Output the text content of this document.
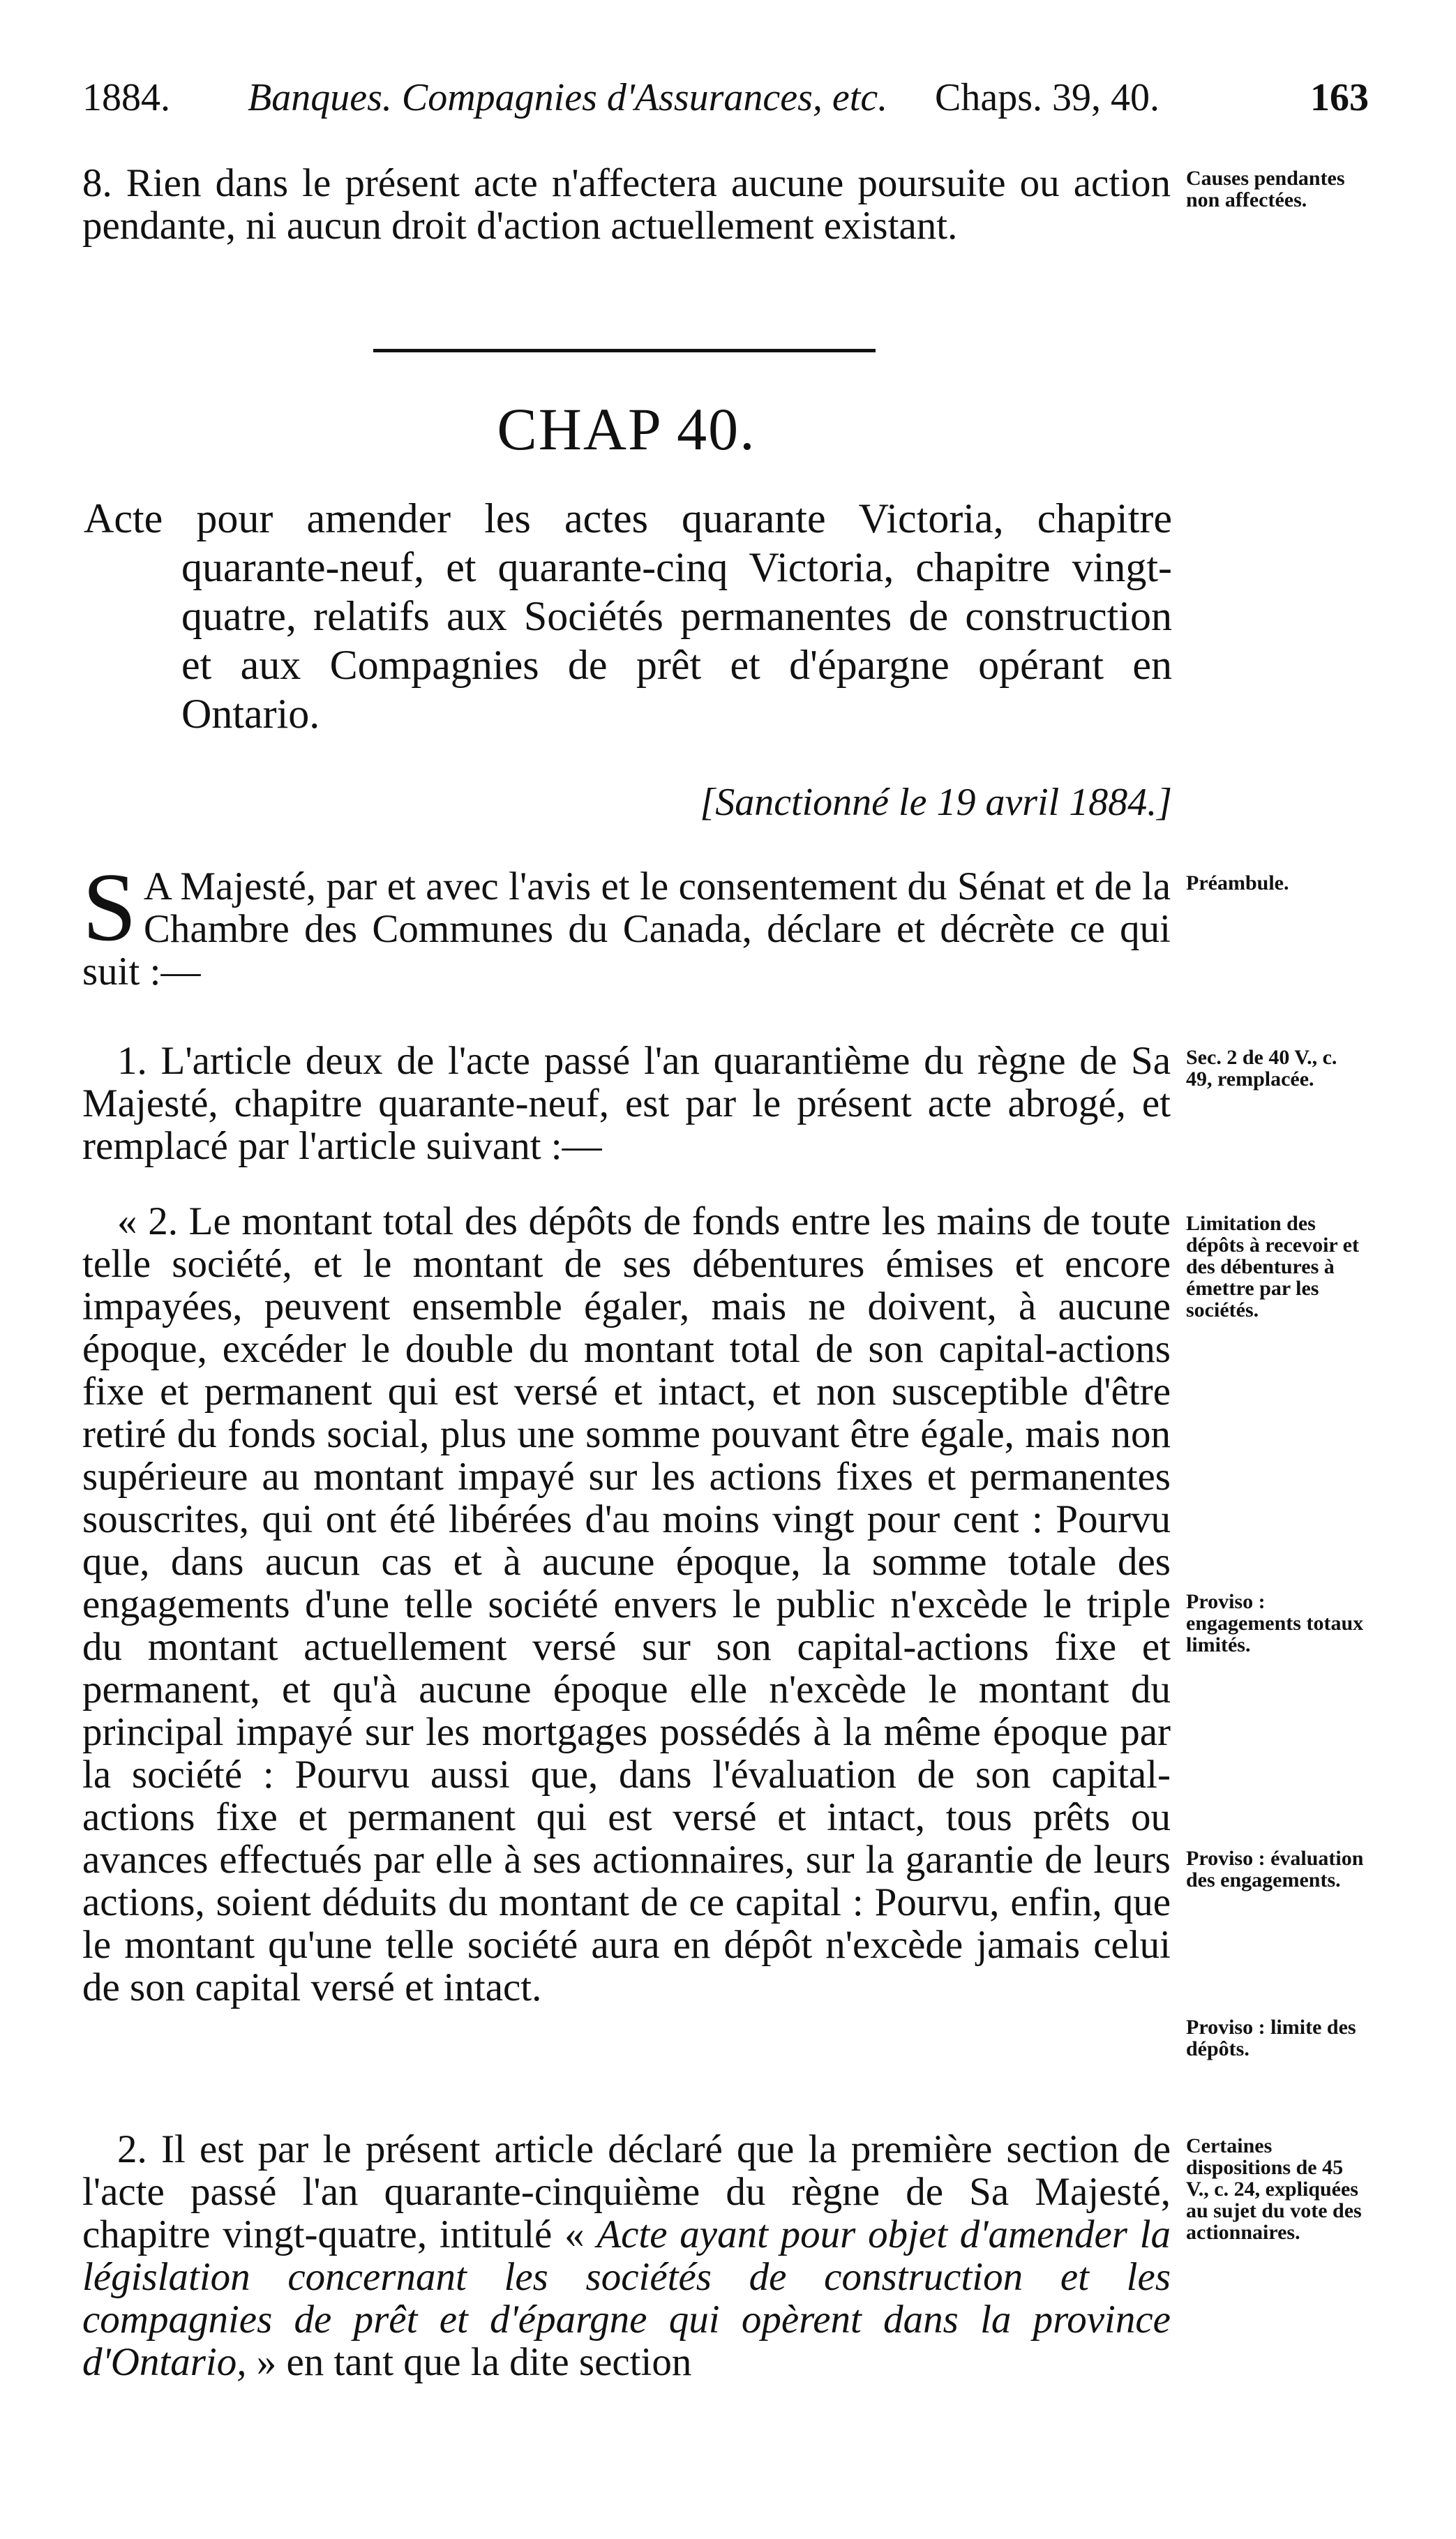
1884. Banques. Compagnies d'Assurances, etc. Chaps. 39, 40.	163

8. Rien dans le présent acte n'affectera aucune poursuite ou action pendante, ni aucun droit d'action actuellement existant.

Causes pendantes non affectées.
CHAP 40.
Acte pour amender les actes quarante Victoria, chapitre quarante-neuf, et quarante-cinq Victoria, chapitre vingt-quatre, relatifs aux Sociétés permanentes de construction et aux Compagnies de prêt et d'épargne opérant en Ontario.
[Sanctionné le 19 avril 1884.]
S A Majesté, par et avec l'avis et le consentement du Sénat et de la Chambre des Communes du Canada, déclare et décrète ce qui suit :—
Préambule.
1. L'article deux de l'acte passé l'an quarantième du règne de Sa Majesté, chapitre quarante-neuf, est par le présent acte abrogé, et remplacé par l'article suivant :—
Sec. 2 de 40 V., c. 49, remplacée.
« 2. Le montant total des dépôts de fonds entre les mains de toute telle société, et le montant de ses débentures émises et encore impayées, peuvent ensemble égaler, mais ne doivent, à aucune époque, excéder le double du montant total de son capital-actions fixe et permanent qui est versé et intact, et non susceptible d'être retiré du fonds social, plus une somme pouvant être égale, mais non supérieure au montant impayé sur les actions fixes et permanentes souscrites, qui ont été libérées d'au moins vingt pour cent : Pourvu que, dans aucun cas et à aucune époque, la somme totale des engagements d'une telle société envers le public n'excède le triple du montant actuellement versé sur son capital-actions fixe et permanent, et qu'à aucune époque elle n'excède le montant du principal impayé sur les mortgages possédés à la même époque par la société : Pourvu aussi que, dans l'évaluation de son capital-actions fixe et permanent qui est versé et intact, tous prêts ou avances effectués par elle à ses actionnaires, sur la garantie de leurs actions, soient déduits du montant de ce capital : Pourvu, enfin, que le montant qu'une telle société aura en dépôt n'excède jamais celui de son capital versé et intact.
Limitation des dépôts à recevoir et des débentures à émettre par les sociétés.
Proviso : engagements totaux limités.
Proviso : évaluation des engagements.
Proviso : limite des dépôts.
2. Il est par le présent article déclaré que la première section de l'acte passé l'an quarante-cinquième du règne de Sa Majesté, chapitre vingt-quatre, intitulé « Acte ayant pour objet d'amender la législation concernant les sociétés de construction et les compagnies de prêt et d'épargne qui opèrent dans la province d'Ontario, » en tant que la dite section
Certaines dispositions de 45 V., c. 24, expliquées au sujet du vote des actionnaires.
